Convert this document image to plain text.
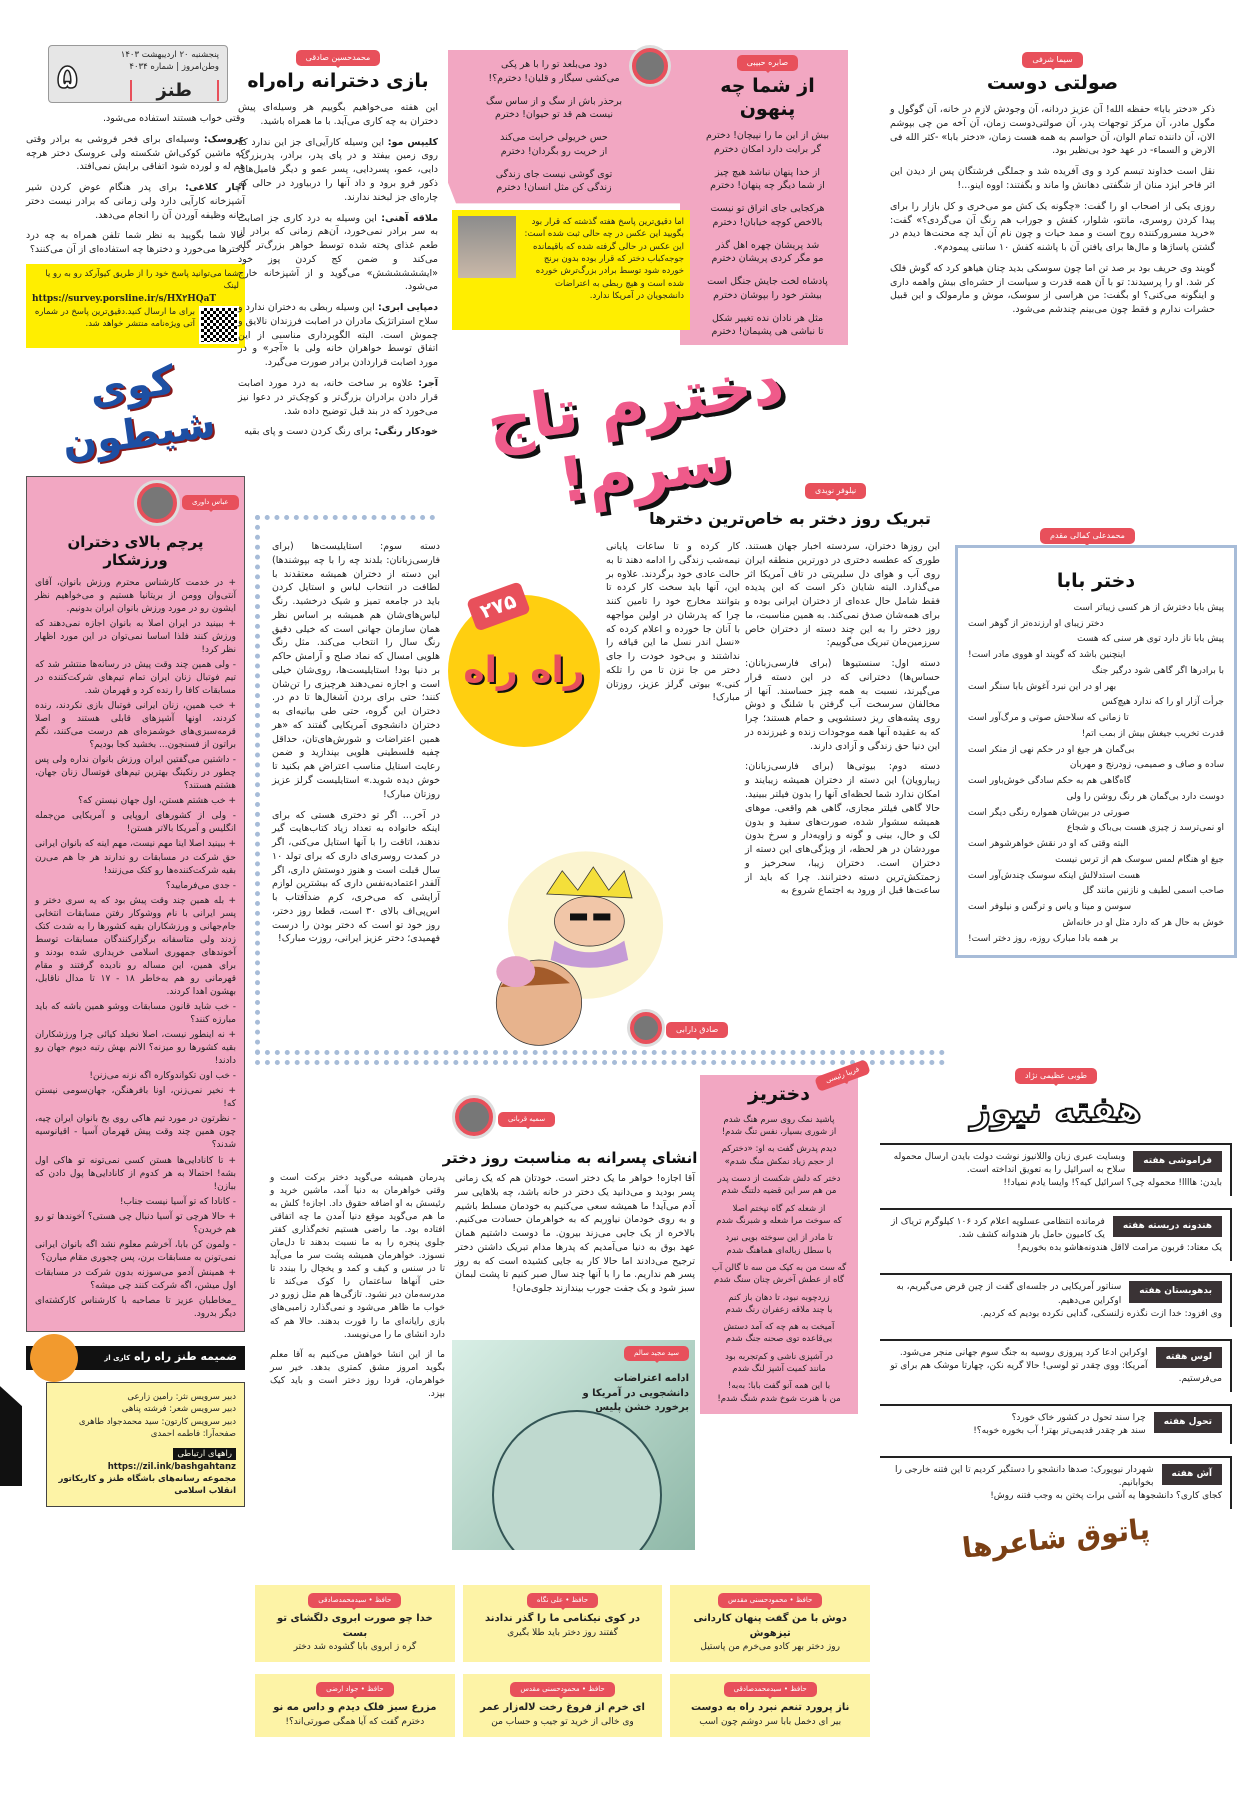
پنجشنبه ۲۰ اردیبهشت ۱۴۰۳
وطن‌امروز | شماره ۴۰۳۴
طنز
۵

وقتی خواب هستند استفاده می‌شود.

عروسک: وسیله‌ای برای فخر فروشی به برادر وقتی که ماشین کوکی‌اش شکسته ولی عروسک دختر هرچه هم له و لورده شود اتفاقی برایش نمی‌افتد.

آچار کلاغی: برای پدر هنگام عوض کردن شیر آشپزخانه کارآیی دارد ولی زمانی که برادر نیست دختر خانه وظیفه آوردن آن را انجام می‌دهد.

حالا شما بگویید به نظر شما تلفن همراه به چه درد دخترها می‌خورد و دخترها چه استفاده‌ای از آن می‌کنند؟

شما می‌توانید پاسخ خود را از طریق کیوآرکد رو به رو یا لینک
https://survey.porsline.ir/s/HX۲HQaT
برای ما ارسال کنید.دقیق‌ترین پاسخ در شماره آتی ویژه‌نامه منتشر خواهد شد.
کوی شیطون
عباس داوری
پرچم بالای دختران ورزشکار

+ در خدمت کارشناس محترم ورزش بانوان، آقای آنتی‌وان وومن از بریتانیا هستیم و می‌خواهیم نظر ایشون رو در مورد ورزش بانوان ایران بدونیم.

+ ببینید در ایران اصلا به بانوان اجازه نمی‌دهند که ورزش کنند فلذا اساسا نمی‌توان در این مورد اظهار نظر کرد!

- ولی همین چند وقت پیش در رسانه‌ها منتشر شد که تیم فوتبال زنان ایران تمام تیم‌های شرکت‌کننده در مسابقات کافا را رنده کرد و قهرمان شد.

+ خب همین، زنان ایرانی فوتبال بازی نکردند، رنده کردند، اونها آشپزهای قابلی هستند و اصلا قرمه‌سبزی‌های خوشمزه‌ای هم درست می‌کنند، نگم براتون از فسنجون... بخشید کجا بودیم؟

- داشتین می‌گفتین ایران ورزش بانوان نداره ولی پس چطور در رنکینگ بهترین تیم‌های فوتسال زنان جهان، هشتم هستند؟

+ خب هشتم هستن، اول جهان نیستن که؟

- ولی از کشورهای اروپایی و آمریکایی من‌جمله انگلیس و آمریکا بالاتر هستن!

+ ببینید اصلا اینا مهم نیست، مهم اینه که بانوان ایرانی حق شرکت در مسابقات رو ندارند هر جا هم می‌رن بقیه شرکت‌کننده‌ها رو کتک می‌زنند!

- جدی می‌فرمایید؟

+ بله همین چند وقت پیش بود که یه سری دختر و پسر ایرانی با نام ووشوکار رفتن مسابقات انتخابی جام‌جهانی و ورزشکاران بقیه کشورها را به شدت کتک زدند ولی متاسفانه برگزارکنندگان مسابقات توسط آخوندهای جمهوری اسلامی خریداری شده بودند و برای همین، این مساله رو نادیده گرفتند و مقام قهرمانی رو هم به‌خاطر ۱۸ - ۱۷ تا مدال ناقابل، بهشون اهدا کردند.

- خب شاید قانون مسابقات ووشو همین باشه که باید مبارزه کنند؟

+ نه اینطور نیست، اصلا نخیلد کیائی چرا ورزشکاران بقیه کشورها رو میزنه؟ الانم بهش رتبه دیوم جهان رو دادند!

- خب اون تکواندوکاره اگه نزنه می‌زنن!

+ نخیر نمی‌زنن، اونا بافرهنگن، جهان‌سومی نیستن که!

- نظرتون در مورد تیم هاکی روی یخ بانوان ایران چیه، چون همین چند وقت پیش قهرمان آسیا - اقیانوسیه شدند؟

+ تا کانادایی‌ها هستن کسی نمی‌تونه تو هاکی اول بشه! احتمالا به هر کدوم از کانادایی‌ها پول دادن که ببازن!

- کانادا که تو آسیا نیست جناب!

+ حالا هرچی تو آسیا دنبال چی هستی؟ آخوندها تو رو هم خریدن؟

- ولمون کن بابا، آخرشم معلوم نشد اگه بانوان ایرانی نمی‌تونن به مسابقات برن، پس چجوری مقام میارن؟

+ همینش آدمو می‌سوزنه بدون شرکت در مسابقات اول میشن، اگه شرکت کنند چی میشه؟

_مخاطبان عزیز تا مصاحبه با کارشناس کارکشته‌ای دیگر بدرود.

ضمیمه طنز راه راه کاری از
دبیر سرویس نثر: رامین زارعی
دبیر سرویس شعر: فرشته پناهی
دبیر سرویس کارتون: سید محمدجواد طاهری
صفحه‌آرا: فاطمه احمدی
راههای ارتباطی
https://zil.ink/bashgahtanz
مجموعه رسانه‌های باشگاه طنز و کاریکاتور انقلاب اسلامی
محمدحسین صادقی
بازی دخترانه راه‌راه

این هفته می‌خواهیم بگوییم هر وسیله‌ای پیش دختران به چه کاری می‌آید. با ما همراه باشید.

کلیپس مو: این وسیله کارآیی‌ای جز این ندارد که روی زمین بیفتد و در پای پدر، برادر، پدربزرگ، دایی، عمو، پسردایی، پسر عمو و دیگر فامیل‌های ذکور فرو برود و داد آنها را دربیاورد در حالی که چاره‌ای جز لبخند ندارند.

ملاقه آهنی: این وسیله به درد کاری جز اصابت به سر برادر نمی‌خورد، آن‌هم زمانی که برادر از طعم غذای پخته شده توسط خواهر بزرگ‌تر گله می‌کند و ضمن کج کردن پوز خود «ایشششششش» می‌گوید و از آشپزخانه خارج می‌شود.

دمپایی ابری: این وسیله ربطی به دختران ندارد و سلاح استراتژیک مادران در اصابت فرزندان نالایق و چموش است. البته الگوبرداری مناسبی از این اتفاق توسط خواهران خانه ولی با «آجر» و در مورد اصابت قراردادن برادر صورت می‌گیرد.

آجر: علاوه بر ساخت خانه، به درد مورد اصابت قرار دادن برادران بزرگ‌تر و کوچک‌تر در دعوا نیز می‌خورد که در بند قبل توضیح داده شد.

خودکار رنگی: برای رنگ کردن دست و پای بقیه

صابره حبیبی
از شما چه پنهون

بیش از این ما را نپیچان! دخترم
گر برایت دارد امکان دخترم

از خدا پنهان نباشد هیچ چیز
از شما دیگر چه پنهان! دخترم

هرکجایی جای اتراق تو نیست
بالاخص کوچه خیابان! دخترم

شد پریشان چهره اهل گذر
مو مگر کردی پریشان دخترم

پادشاه لخت جایش جنگل است
بیشتر خود را بپوشان دخترم

مثل هر نادان نده تغییر شکل
تا نباشی هی پشیمان! دخترم

دود می‌بلعد تو را با هر پکی
می‌کشی سیگار و قلیان! دخترم؟!

برحذر باش از سگ و از ساس سگ
نیست هم قد تو حیوان! دخترم

حس خریولی خرابت می‌کند
از خریت رو بگردان! دخترم

توی گوشی نیست جای زندگی
زندگی کن مثل انسان! دخترم

اما دقیق‌ترین پاسخ هفته گذشته که قرار بود بگویید این عکس در چه حالی ثبت شده است: این عکس در حالی گرفته شده که باقیمانده جوجه‌کباب دختر که قرار بوده بدون برنج خورده شود توسط برادر بزرگ‌ترش خورده شده است و هیچ ربطی به اعتراضات دانشجویان در آمریکا ندارد.
سیما شرفی
صولتی دوست

ذکر «دختر بابا» حفظه الله! آن عزیز دردانه، آن وجودش لازم در خانه، آن گوگول و مگول مادر، آن مرکز توجهات پدر، آن صولتی‌دوست زمان، آن آخه من چی بپوشم الان، آن داننده تمام الوان، آن حواسم به همه هست زمان، «دختر بابا» -کثر الله فی الارض و السماء- در عهد خود بی‌نظیر بود.

نقل است خداوند تبسم کرد و وی آفریده شد و جملگی فرشتگان پس از دیدن این اثر فاخر ایزد منان از شگفتی دهانش وا ماند و بگفتند: اووه اینو...!

روزی یکی از اصحاب او را گفت: «چگونه یک کش مو می‌خری و کل بازار را برای پیدا کردن روسری، مانتو، شلوار، کفش و جوراب هم رنگ آن می‌گردی؟» گفت: «خرید مسرورکننده روح است و ممد حیات و چون نام آن آید چه محنت‌ها دیدم در گشتن پاساژها و مال‌ها برای یافتن آن با پاشنه کفش ۱۰ سانتی پیمودم».

گویند وی حریف بود بر صد تن اما چون سوسکی بدید چنان هیاهو کرد که گوش فلک کر شد. او را پرسیدند: تو با آن همه قدرت و سیاست از حشره‌ای بیش واهمه داری و اینگونه می‌کنی؟ او بگفت: من هراسی از سوسک، موش و مارمولک و این قبیل حشرات ندارم و فقط چون می‌بینم چندشم می‌شود.

دخترم تاج سرم!	نیلوفر نویدی
تبریک روز دختر به خاص‌ترین دخترها

این روزها دختران، سردسته اخبار جهان هستند. طوری که عطسه دختری در دورترین منطقه ایران روی آب و هوای دل سلبریتی در تاف آمریکا اثر می‌گذارد. البته شایان ذکر است که این پدیده فقط شامل حال عده‌ای از دختران ایرانی بوده و برای همه‌شان صدق نمی‌کند. به همین مناسبت، ما روز دختر را به این چند دسته از دختران خاص سرزمین‌مان تبریک می‌گوییم:

دسته اول: سنستیوها (برای فارسی‌زبانان: حساس‌ها) دخترانی که در این دسته قرار می‌گیرند، نسبت به همه چیز حساسند. آنها از مخالفان سرسخت آب گرفتن با شلنگ و دوش روی پشه‌های ریز دستشویی و حمام هستند؛ چرا که به عقیده آنها همه موجودات زنده و غیرزنده در این دنیا حق زندگی و آزادی دارند.

دسته دوم: بیوتی‌ها (برای فارسی‌زبانان: زیبارویان) این دسته از دختران همیشه زیبایند و امکان ندارد شما لحظه‌ای آنها را بدون فیلتر ببینید. حالا گاهی فیلتر مجازی، گاهی هم واقعی. موهای همیشه سشوار شده، صورت‌های سفید و بدون لک و خال، بینی و گونه و زاویه‌دار و سرخ بدون موردشان در هر لحظه، از ویژگی‌های این دسته از دختران است. دختران زیبا، سحرخیز و زحمتکش‌ترین دسته دخترانند. چرا که باید از ساعت‌ها قبل از ورود به اجتماع شروع به

کار کرده و تا ساعات پایانی نیمه‌شب زندگی را ادامه دهند تا به حالت عادی خود برگردند. علاوه بر این، آنها باید سخت کار کرده تا بتوانند مخارج خود را تامین کنند چرا که پدرشان در اولین مواجهه با آنان جا خورده و اعلام کرده که «نسل اندر نسل ما این قیافه را نداشتند و بی‌خود خودت را جای دختر من جا نزن تا من را تلکه کنی.» بیوتی گرلز عزیز، روزتان مبارک!

دسته سوم: استایلیست‌ها (برای فارسی‌زبانان: بلدند چه را با چه بپوشندها) این دسته از دختران همیشه معتقدند با لطافت در انتخاب لباس و استایل کردن باید در جامعه تمیز و شیک درخشید. رنگ لباس‌های‌شان هم همیشه بر اساس نظر همان سازمان جهانی است که خیلی دقیق رنگ سال را انتخاب می‌کند. مثل رنگ هلویی امسال که نماد صلح و آرامش حاکم بر دنیا بود! استایلیست‌ها، روی‌شان خیلی است و اجازه نمی‌دهند هرچیزی را تن‌شان کنند؛ حتی برای بردن آشغال‌ها تا دم در. دختران این گروه، حتی طی بیانیه‌ای به دختران دانشجوی آمریکایی گفتند که «هر همین اعتراضات و شورش‌های‌تان، حداقل چفیه فلسطینی هلویی بپندازید و ضمن رعایت استایل مناسب اعتراض هم بکنید تا خوش دیده شوید.» استایلیست گرلز عزیز روزتان مبارک!

در آخر... اگر تو دختری هستی که برای اینکه خانواده به تعداد زیاد کتاب‌هایت گیر ندهند، اتاقت را با آنها استایل می‌کنی، اگر در کمدت روسری‌ای داری که برای تولد ۱۰ سال قبلت است و هنوز دوستش داری، اگر آلفدر اعتمادبه‌نفس داری که بیشترین لوازم آرایشی که می‌خری، کرم ضدآفتاب با اس‌پی‌اف بالای ۳۰ است، قطعا روز دختر، روز خود تو است که دختر بودن را درست فهمیدی؛ دختر عزیز ایرانی، روزت مبارک!

راه راه
۲۷۵
صادق دارابی
محمدعلی کمالی مقدم
دختر بابا
پیش بابا دخترش از هر کسی زیباتر است
دختر زیبای او ارزنده‌تر از گوهر است
پیش بابا ناز دارد توی هر سنی که هست
اینچنین باشد که گویند او هووی مادر است!
با برادرها اگر گاهی شود درگیر جنگ
بهر او در این نبرد آغوش بابا سنگر است
جرأت آزار او را که ندارد هیچ‌کس
تا زمانی که سلاحش صوتی و مرگ‌آور است
قدرت تخریب جیغش بیش از بمب اتم!
بی‌گمان هر جیغ او در حکم نهی از منکر است
ساده و صاف و صمیمی، زودرنج و مهربان
گاه‌گاهی هم به حکم سادگی خوش‌باور است
دوست دارد بی‌گمان هر رنگ روشن را ولی
صورتی در بین‌شان همواره رنگی دیگر است
او نمی‌ترسد ز چیزی هست بی‌باک و شجاع
البته وقتی که او در نقش خواهرشوهر است
جیغ او هنگام لمس سوسک هم از ترس نیست
هست استدلالش اینکه سوسک چندش‌آور است
صاحب اسمی لطیف و نازنین مانند گل
سوسن و مینا و یاس و ترگس و نیلوفر است
خوش به حال هر که دارد مثل او در خانه‌اش
بر همه بادا مبارک روزه، روز دختر است!
طوبی عظیمی نژاد
هفته نیوز
فراموشی هفته
وبسایت عبری زبان واللانیوز نوشت دولت بایدن ارسال محموله سلاح به اسرائیل را به تعویق انداخته است.
بایدن: هاااا! محموله چی؟ اسرائیل کیه؟! وایسا یادم نمیاد!!
هندونه دربسته هفته
فرمانده انتظامی عسلویه اعلام کرد ۱۰۶ کیلوگرم تریاک از یک کامیون حامل بار هندوانه کشف شد.
یک معتاد: قربون مرامت لااقل هندونه‌هاشو بده بخوریم!
بدهوبستان هفته
سناتور آمریکایی در جلسه‌ای گفت از چین قرض می‌گیریم، به اوکراین می‌دهیم.
وی افزود: خدا ازت نگذره زلنسکی، گدایی نکرده بودیم که کردیم.
لوس هفته
اوکراین ادعا کرد پیروزی روسیه به جنگ سوم جهانی منجر می‌شود.
آمریکا: ووی چقدر تو لوسی! حالا گریه نکن، چهارتا موشک هم برای تو می‌فرستیم.
تحول هفته
چرا سند تحول در کشور خاک خورد؟
سند هر چقدر قدیمی‌تر بهتر! آب بخوره خوبه؟!
آش هفته
شهردار نیویورک: صدها دانشجو را دستگیر کردیم تا این فتنه خارجی را بخوابانیم.
کجای کاری؟ دانشجوها یه آشی برات پختن به وجب فتنه روش!
پاتوق شاعرها
دختریز

پاشید نمک روی سرم هنگ شدم
از شوری بسیار، نفس تنگ شدم!

دیدم پدرش گفت به او: «دخترکم
از حجم زیاد نمکش منگ شدم»

دختر که دلش شکست از دست پدر
من هم سر این قضیه دلتنگ شدم

از شعله کم گاه نپختم اصلا
که سوخت مرا شعله و شبرنگ شدم

تا مادر از این سوخته بویی نبرد
با سطل زباله‌ای هماهنگ شدم

گه ست من به کیک من سه تا گالن آب
گاه از عطش آخرش چنان سنگ شدم

زردچوبه نبود، تا دهان باز کنم
با چند ملاقه زعفران رنگ شدم

آمیخت به هم چه که آمد دستش
بی‌قاعده توی صحنه جنگ شدم

در آشپزی ناشی و کم‌تجربه بود
مانند کمیت آشپز لنگ شدم

با این همه آنو گفت بابا: به‌به!
من با هنرت شوخ شدم شنگ شدم!

فریبا رئیسی
سمیه قربانی
انشای پسرانه به مناسبت روز دختر

آقا اجازه! خواهر ما یک دختر است. خودتان هم که یک زمانی پسر بودید و می‌دانید یک دختر در خانه باشد، چه بلاهایی سر آدم می‌آید! ما همیشه سعی می‌کنیم به خودمان مسلط باشیم و به روی خودمان نیاوریم که به خواهرمان حسادت می‌کنیم. بالاخره از یک جایی می‌زند بیرون. ما دوست داشتیم همان عهد بوق به دنیا می‌آمدیم که پدرها مدام تبریک داشتن دختر ترجیح می‌دادند اما حالا کار به جایی کشیده است که به روز پسر هم نداریم. ما را با آنها چند سال صبر کنیم تا پشت لبمان سبز شود و یک جفت جورب بیندازند جلوی‌مان!

پدرمان همیشه می‌گوید دختر برکت است و وقتی خواهرمان به دنیا آمد، ماشین خرید و رئیسش به او اضافه حقوق داد. اجازه! کلش به ما هم می‌گوید موقع دنیا آمدن ما چه اتفاقی افتاده بود. ما راضی هستیم تخم‌گذاری کفتر جلوی پنجره را به ما نسبت بدهند تا دل‌مان نسوزد. خواهرمان همیشه پشت سر ما می‌آید تا در سنس و کیف و کمد و یخچال را ببندد تا حتی آنها‌ها ساعتمان را کوک می‌کند تا مدرسه‌مان دیر نشود. تازگی‌ها هم مثل زورو در خواب ما ظاهر می‌شود و نمی‌گذارد زامبی‌های بازی رایانه‌ای ما را قورت بدهند. حالا هم که دارد انشای ما را می‌نویسد.

ما از این انشا خواهش می‌کنیم به آقا معلم بگوید امروز مشق کمتری بدهد. خیر سر خواهرمان، فردا روز دختر است و باید کیک بپزد.

سید مجید سالم
ادامه اعتراضات دانشجویی در آمریکا و برخورد خشن پلیس
حافظ • محمودحسنی مقدس
دوش با من گفت پنهان کاردانی تیزهوش
روز دختر بهر کادو می‌خرم من پاستیل
حافظ • علی نگاه
در کوی نیکنامی ما را گذر ندادند
گفتند روز دختر باید طلا بگیری
حافظ • سیدمحمدصادقی
خدا چو صورت ابروی دلگشای تو بست
گره ز ابروی بابا گشوده شد دختر
حافظ • سیدمحمدصادقی
ناز پرورد تنعم نبرد راه به دوست
بیر ای دخمل بابا سر دوشم چون اسب
حافظ • محمودحسنی مقدس
ای خرم از فروغ رخت لاله‌زار عمر
وی خالی از خرید تو جیب و حساب من
حافظ • جواد ارضی
مزرع سبز فلک دیدم و داس مه نو
دخترم گفت که آیا همگی صورتی‌اند؟!
